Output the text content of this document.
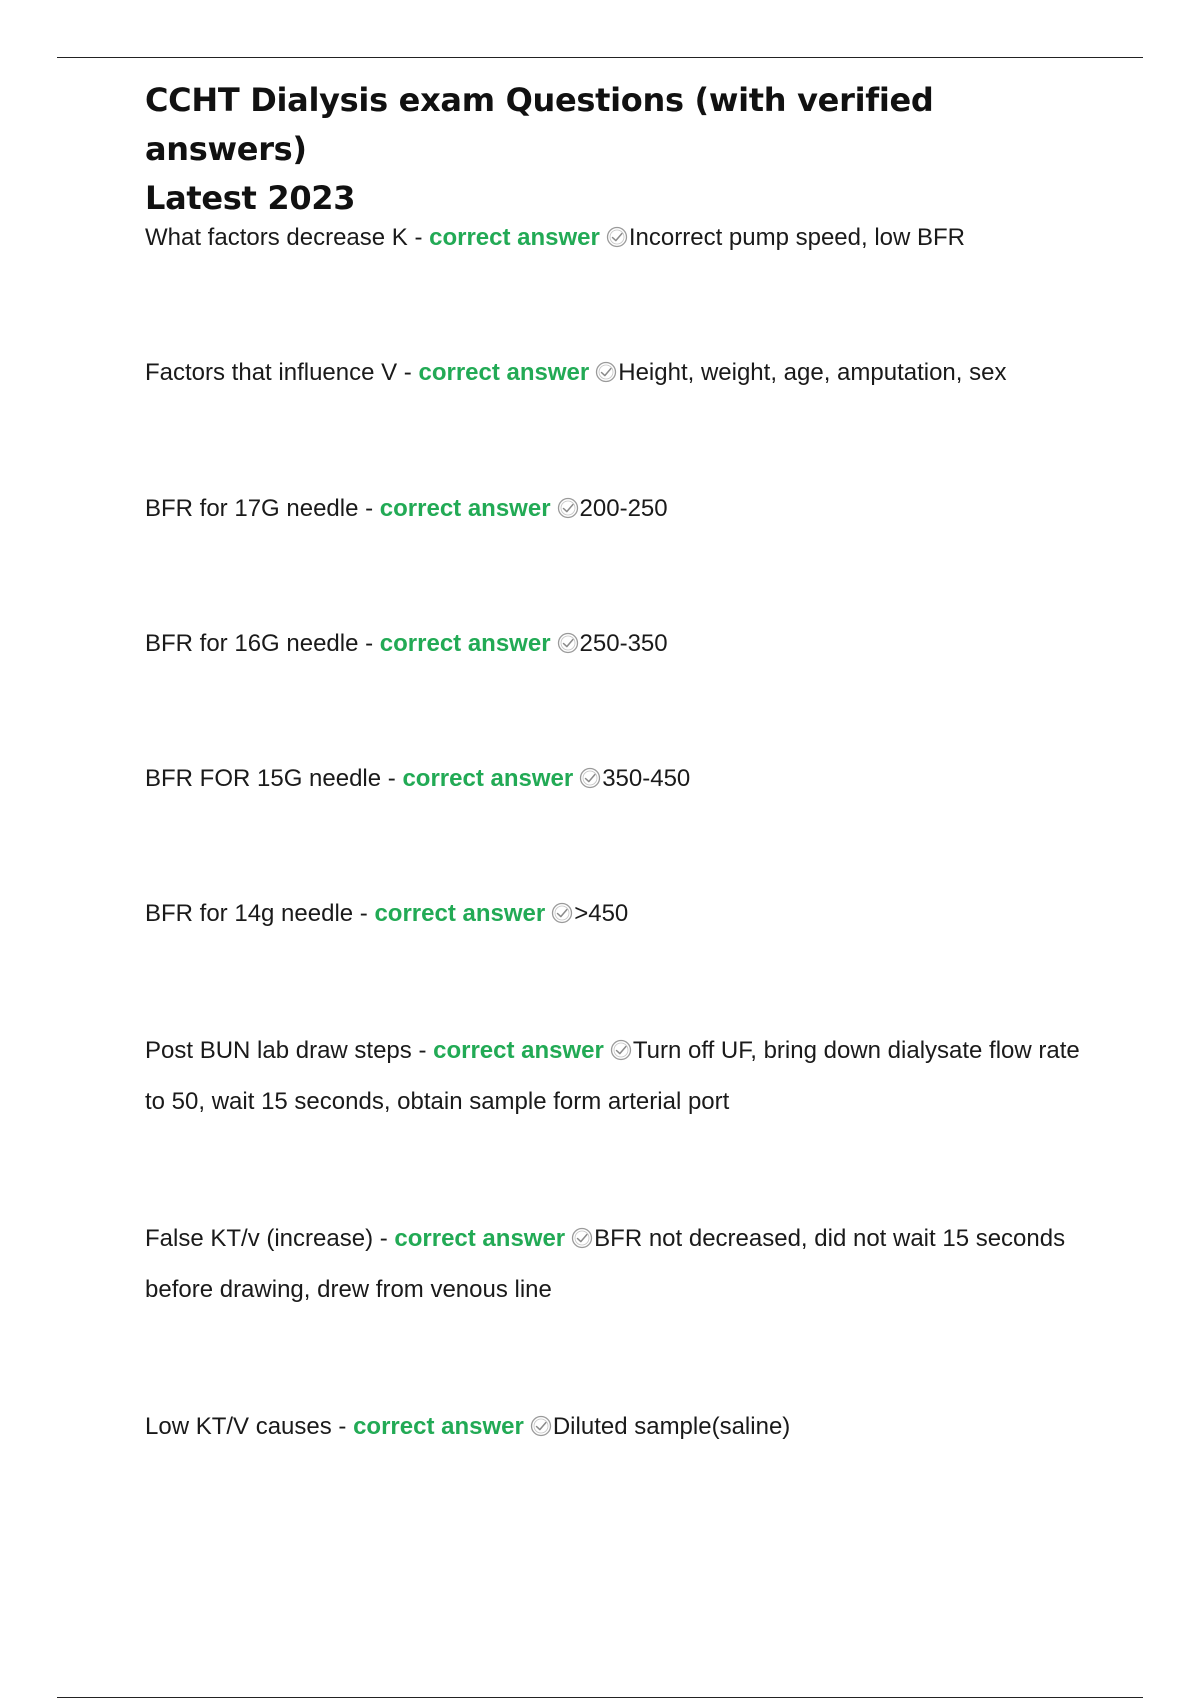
CCHT Dialysis exam Questions (with verified answers)
Latest 2023

What factors decrease K - correct answer Incorrect pump speed, low BFR

Factors that influence V - correct answer Height, weight, age, amputation, sex

BFR for 17G needle - correct answer 200-250

BFR for 16G needle - correct answer 250-350

BFR FOR 15G needle - correct answer 350-450

BFR for 14g needle - correct answer >450

Post BUN lab draw steps - correct answer Turn off UF, bring down dialysate flow rate to 50, wait 15 seconds, obtain sample form arterial port

False KT/v (increase) - correct answer BFR not decreased, did not wait 15 seconds before drawing, drew from venous line

Low KT/V causes - correct answer Diluted sample(saline)
